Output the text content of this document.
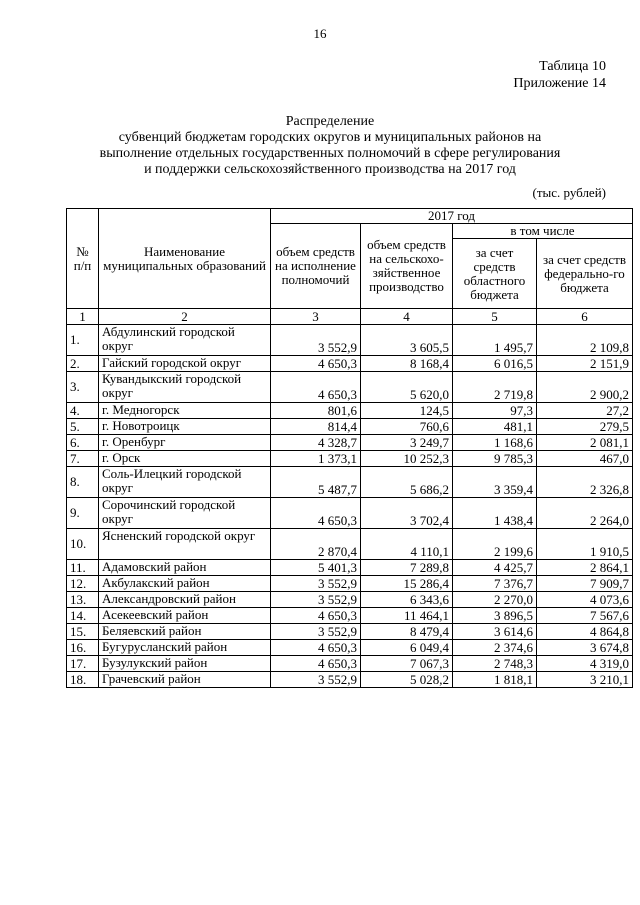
16
Таблица 10
Приложение 14
Распределение
субвенций бюджетам городских округов и муниципальных районов на
выполнение отдельных государственных полномочий в сфере регулирования
и поддержки сельскохозяйственного производства на 2017 год
(тыс. рублей)
№ п/п	Наименование муниципальных образований	2017 год			
		объем средств на исполнение полномочий	объем средств на сельскохо-зяйственное производство	в том числе	
				за счет средств областного бюджета	за счет средств федерально-го бюджета
1	2	3	4	5	6
1.	Абдулинский городской округ	3 552,9	3 605,5	1 495,7	2 109,8
2.	Гайский городской округ	4 650,3	8 168,4	6 016,5	2 151,9
3.	Кувандыкский городской округ	4 650,3	5 620,0	2 719,8	2 900,2
4.	г. Медногорск	801,6	124,5	97,3	27,2
5.	г. Новотроицк	814,4	760,6	481,1	279,5
6.	г. Оренбург	4 328,7	3 249,7	1 168,6	2 081,1
7.	г. Орск	1 373,1	10 252,3	9 785,3	467,0
8.	Соль-Илецкий городской округ	5 487,7	5 686,2	3 359,4	2 326,8
9.	Сорочинский городской округ	4 650,3	3 702,4	1 438,4	2 264,0
10.	Ясненский городской округ	2 870,4	4 110,1	2 199,6	1 910,5
11.	Адамовский район	5 401,3	7 289,8	4 425,7	2 864,1
12.	Акбулакский район	3 552,9	15 286,4	7 376,7	7 909,7
13.	Александровский район	3 552,9	6 343,6	2 270,0	4 073,6
14.	Асекеевский район	4 650,3	11 464,1	3 896,5	7 567,6
15.	Беляевский район	3 552,9	8 479,4	3 614,6	4 864,8
16.	Бугурусланский район	4 650,3	6 049,4	2 374,6	3 674,8
17.	Бузулукский район	4 650,3	7 067,3	2 748,3	4 319,0
18.	Грачевский район	3 552,9	5 028,2	1 818,1	3 210,1
